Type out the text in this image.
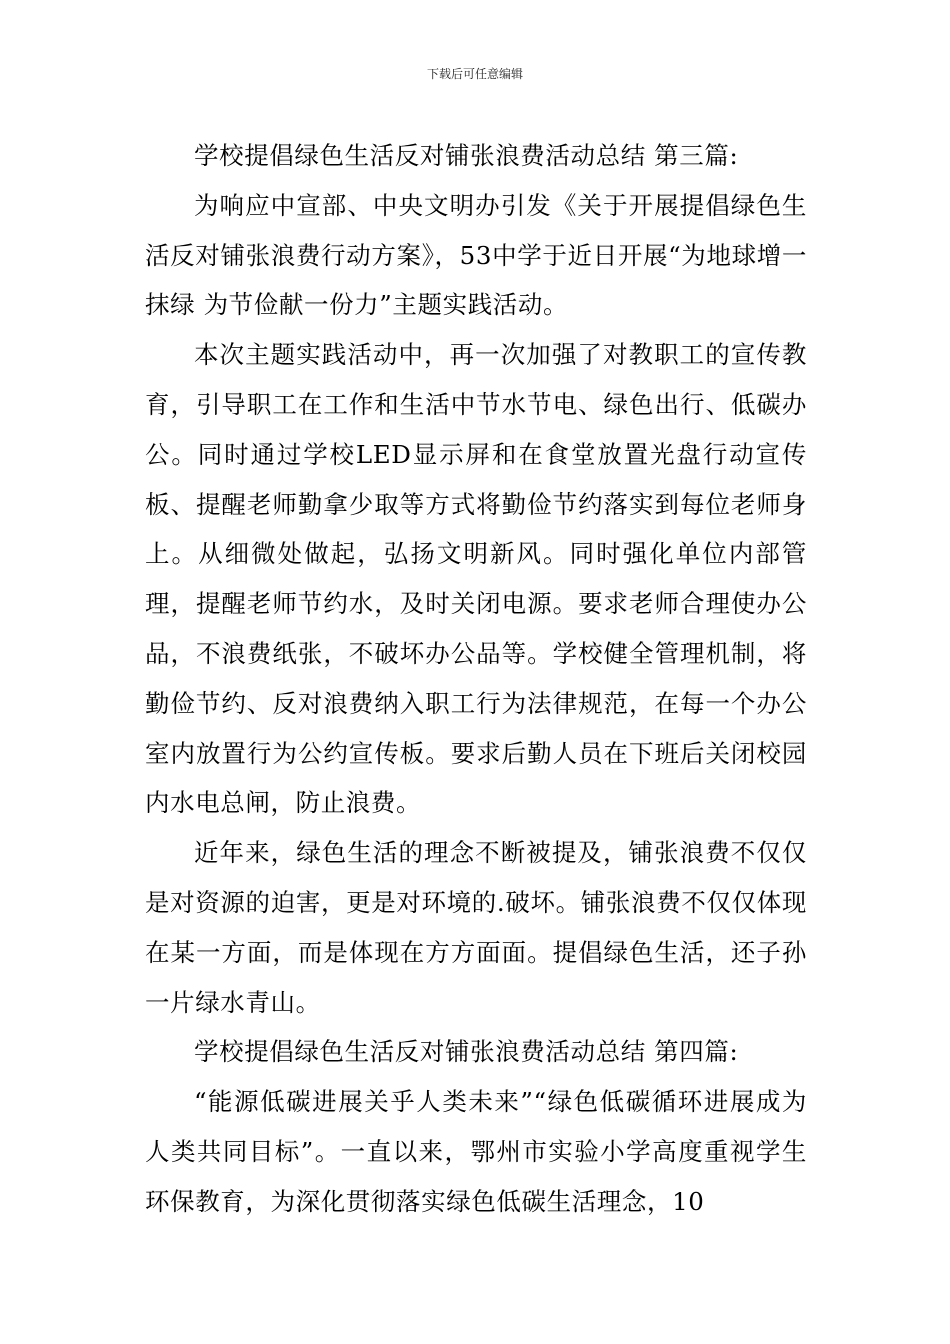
下载后可任意编辑

学校提倡绿色生活反对铺张浪费活动总结 第三篇:

为响应中宣部、中央文明办引发《关于开展提倡绿色生活反对铺张浪费行动方案》，53中学于近日开展“为地球增一抹绿 为节俭献一份力”主题实践活动。

本次主题实践活动中，再一次加强了对教职工的宣传教育，引导职工在工作和生活中节水节电、绿色出行、低碳办公。同时通过学校LED显示屏和在食堂放置光盘行动宣传板、提醒老师勤拿少取等方式将勤俭节约落实到每位老师身上。从细微处做起，弘扬文明新风。同时强化单位内部管理，提醒老师节约水，及时关闭电源。要求老师合理使办公品，不浪费纸张，不破坏办公品等。学校健全管理机制，将勤俭节约、反对浪费纳入职工行为法律规范，在每一个办公室内放置行为公约宣传板。要求后勤人员在下班后关闭校园内水电总闸，防止浪费。

近年来，绿色生活的理念不断被提及，铺张浪费不仅仅是对资源的迫害，更是对环境的.破坏。铺张浪费不仅仅体现在某一方面，而是体现在方方面面。提倡绿色生活，还子孙一片绿水青山。

学校提倡绿色生活反对铺张浪费活动总结 第四篇:

“能源低碳进展关乎人类未来”“绿色低碳循环进展成为人类共同目标”。一直以来，鄂州市实验小学高度重视学生环保教育，为深化贯彻落实绿色低碳生活理念，10
